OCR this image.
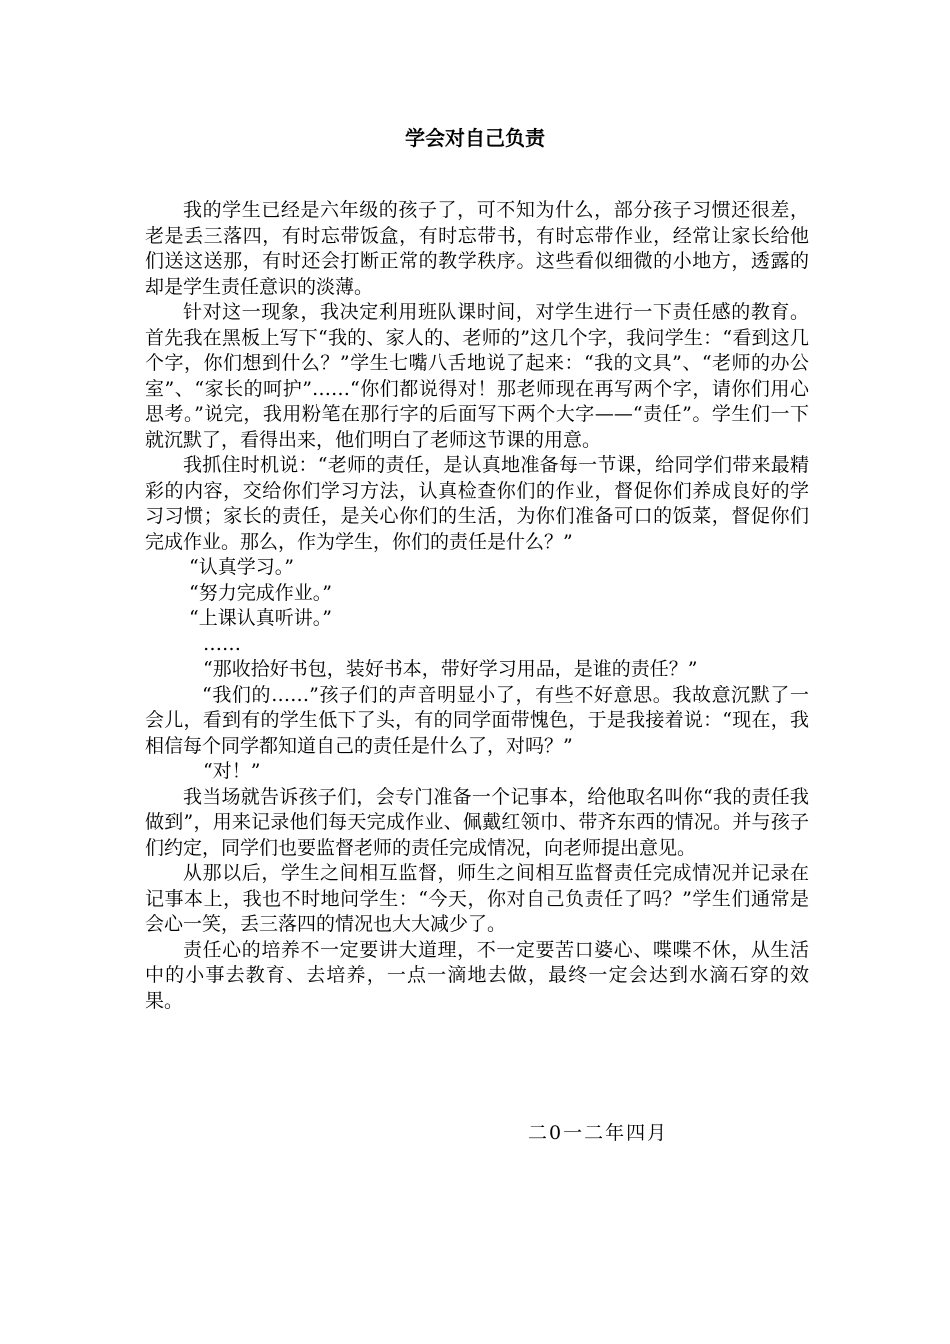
学会对自己负责

我的学生已经是六年级的孩子了，可不知为什么，部分孩子习惯还很差，老是丢三落四，有时忘带饭盒，有时忘带书，有时忘带作业，经常让家长给他们送这送那，有时还会打断正常的教学秩序。这些看似细微的小地方，透露的却是学生责任意识的淡薄。

针对这一现象，我决定利用班队课时间，对学生进行一下责任感的教育。首先我在黑板上写下“我的、家人的、老师的”这几个字，我问学生：“看到这几个字，你们想到什么？”学生七嘴八舌地说了起来：“我的文具”、“老师的办公室”、“家长的呵护”……“你们都说得对！那老师现在再写两个字，请你们用心思考。”说完，我用粉笔在那行字的后面写下两个大字——“责任”。学生们一下就沉默了，看得出来，他们明白了老师这节课的用意。

我抓住时机说：“老师的责任，是认真地准备每一节课，给同学们带来最精彩的内容，交给你们学习方法，认真检查你们的作业，督促你们养成良好的学习习惯；家长的责任，是关心你们的生活，为你们准备可口的饭菜，督促你们完成作业。那么，作为学生，你们的责任是什么？”

“认真学习。”

“努力完成作业。”

“上课认真听讲。”

……

“那收拾好书包，装好书本，带好学习用品，是谁的责任？”

“我们的……”孩子们的声音明显小了，有些不好意思。我故意沉默了一会儿，看到有的学生低下了头，有的同学面带愧色，于是我接着说：“现在，我相信每个同学都知道自己的责任是什么了，对吗？”

“对！”

我当场就告诉孩子们，会专门准备一个记事本，给他取名叫你“我的责任我做到”，用来记录他们每天完成作业、佩戴红领巾、带齐东西的情况。并与孩子们约定，同学们也要监督老师的责任完成情况，向老师提出意见。

从那以后，学生之间相互监督，师生之间相互监督责任完成情况并记录在记事本上，我也不时地问学生：“今天，你对自己负责任了吗？”学生们通常是会心一笑，丢三落四的情况也大大减少了。

责任心的培养不一定要讲大道理，不一定要苦口婆心、喋喋不休，从生活中的小事去教育、去培养，一点一滴地去做，最终一定会达到水滴石穿的效果。

二0一二年四月
